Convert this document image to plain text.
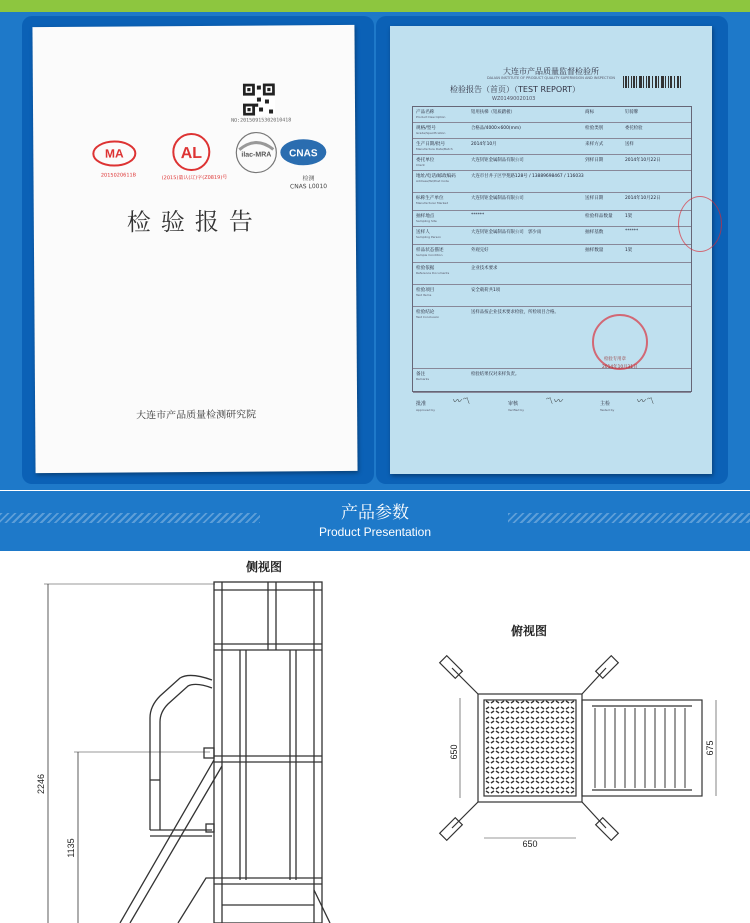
NO:20150915302010418
MA
2015020611B
AL
(2015)量认(辽)字(Z0819)号
ilac-MRA CNAS
检测
CNAS L0010
检验报告
大连市产品质量检测研究院
大连市产品质量监督检验所
DALIAN INSTITUTE OF PRODUCT QUALITY SUPERVISION AND INSPECTION
检验报告（首页）（TEST REPORT）
WZ01490020103
产品名称
Product Description
铝用扶梯（铝质踏板）	商标	钉骑牌
规格/型号
Grade/Specification
合格品/4000×600(mm)	检验类别	委托检验
生产日期/批号
Manufacture Date/Batch
2014年10月	来样方式	送样
委托单位
Client
大连钊钜金属制品有限公司	到样日期	2014年10月22日
地址/电话/邮政编码
Address/Tel/Post Code
大连市甘井子区学苑路128号 / 13889698467 / 116033
标称生产单位
Manufacturer Marked
大连钊钜金属制品有限公司	送样日期	2014年10月22日
抽样地点
Sampling Site
******	检验样品数量	1架
送样人
Sampling Person
大连钊钜金属制品有限公司　郭少雨	抽样基数	******
样品状态描述
Sample Condition
外观完好	抽样数量	1架
检验依据
Reference Documents
企业技术要求
检验项目
Test Items
安全载荷共1项
检验结论
Test Conclusion
送样品按企业技术要求检验，所检项目合格。
备注
Remarks
检验结果仅对来样负责。
检验专用章
2014年10月31日
批准
Approved by
〰〽	审核
Verified by
〽〰	主检
Tested by
〰〽
产品参数
Product Presentation
侧视图
俯视图
2246
1135
650
650
675
